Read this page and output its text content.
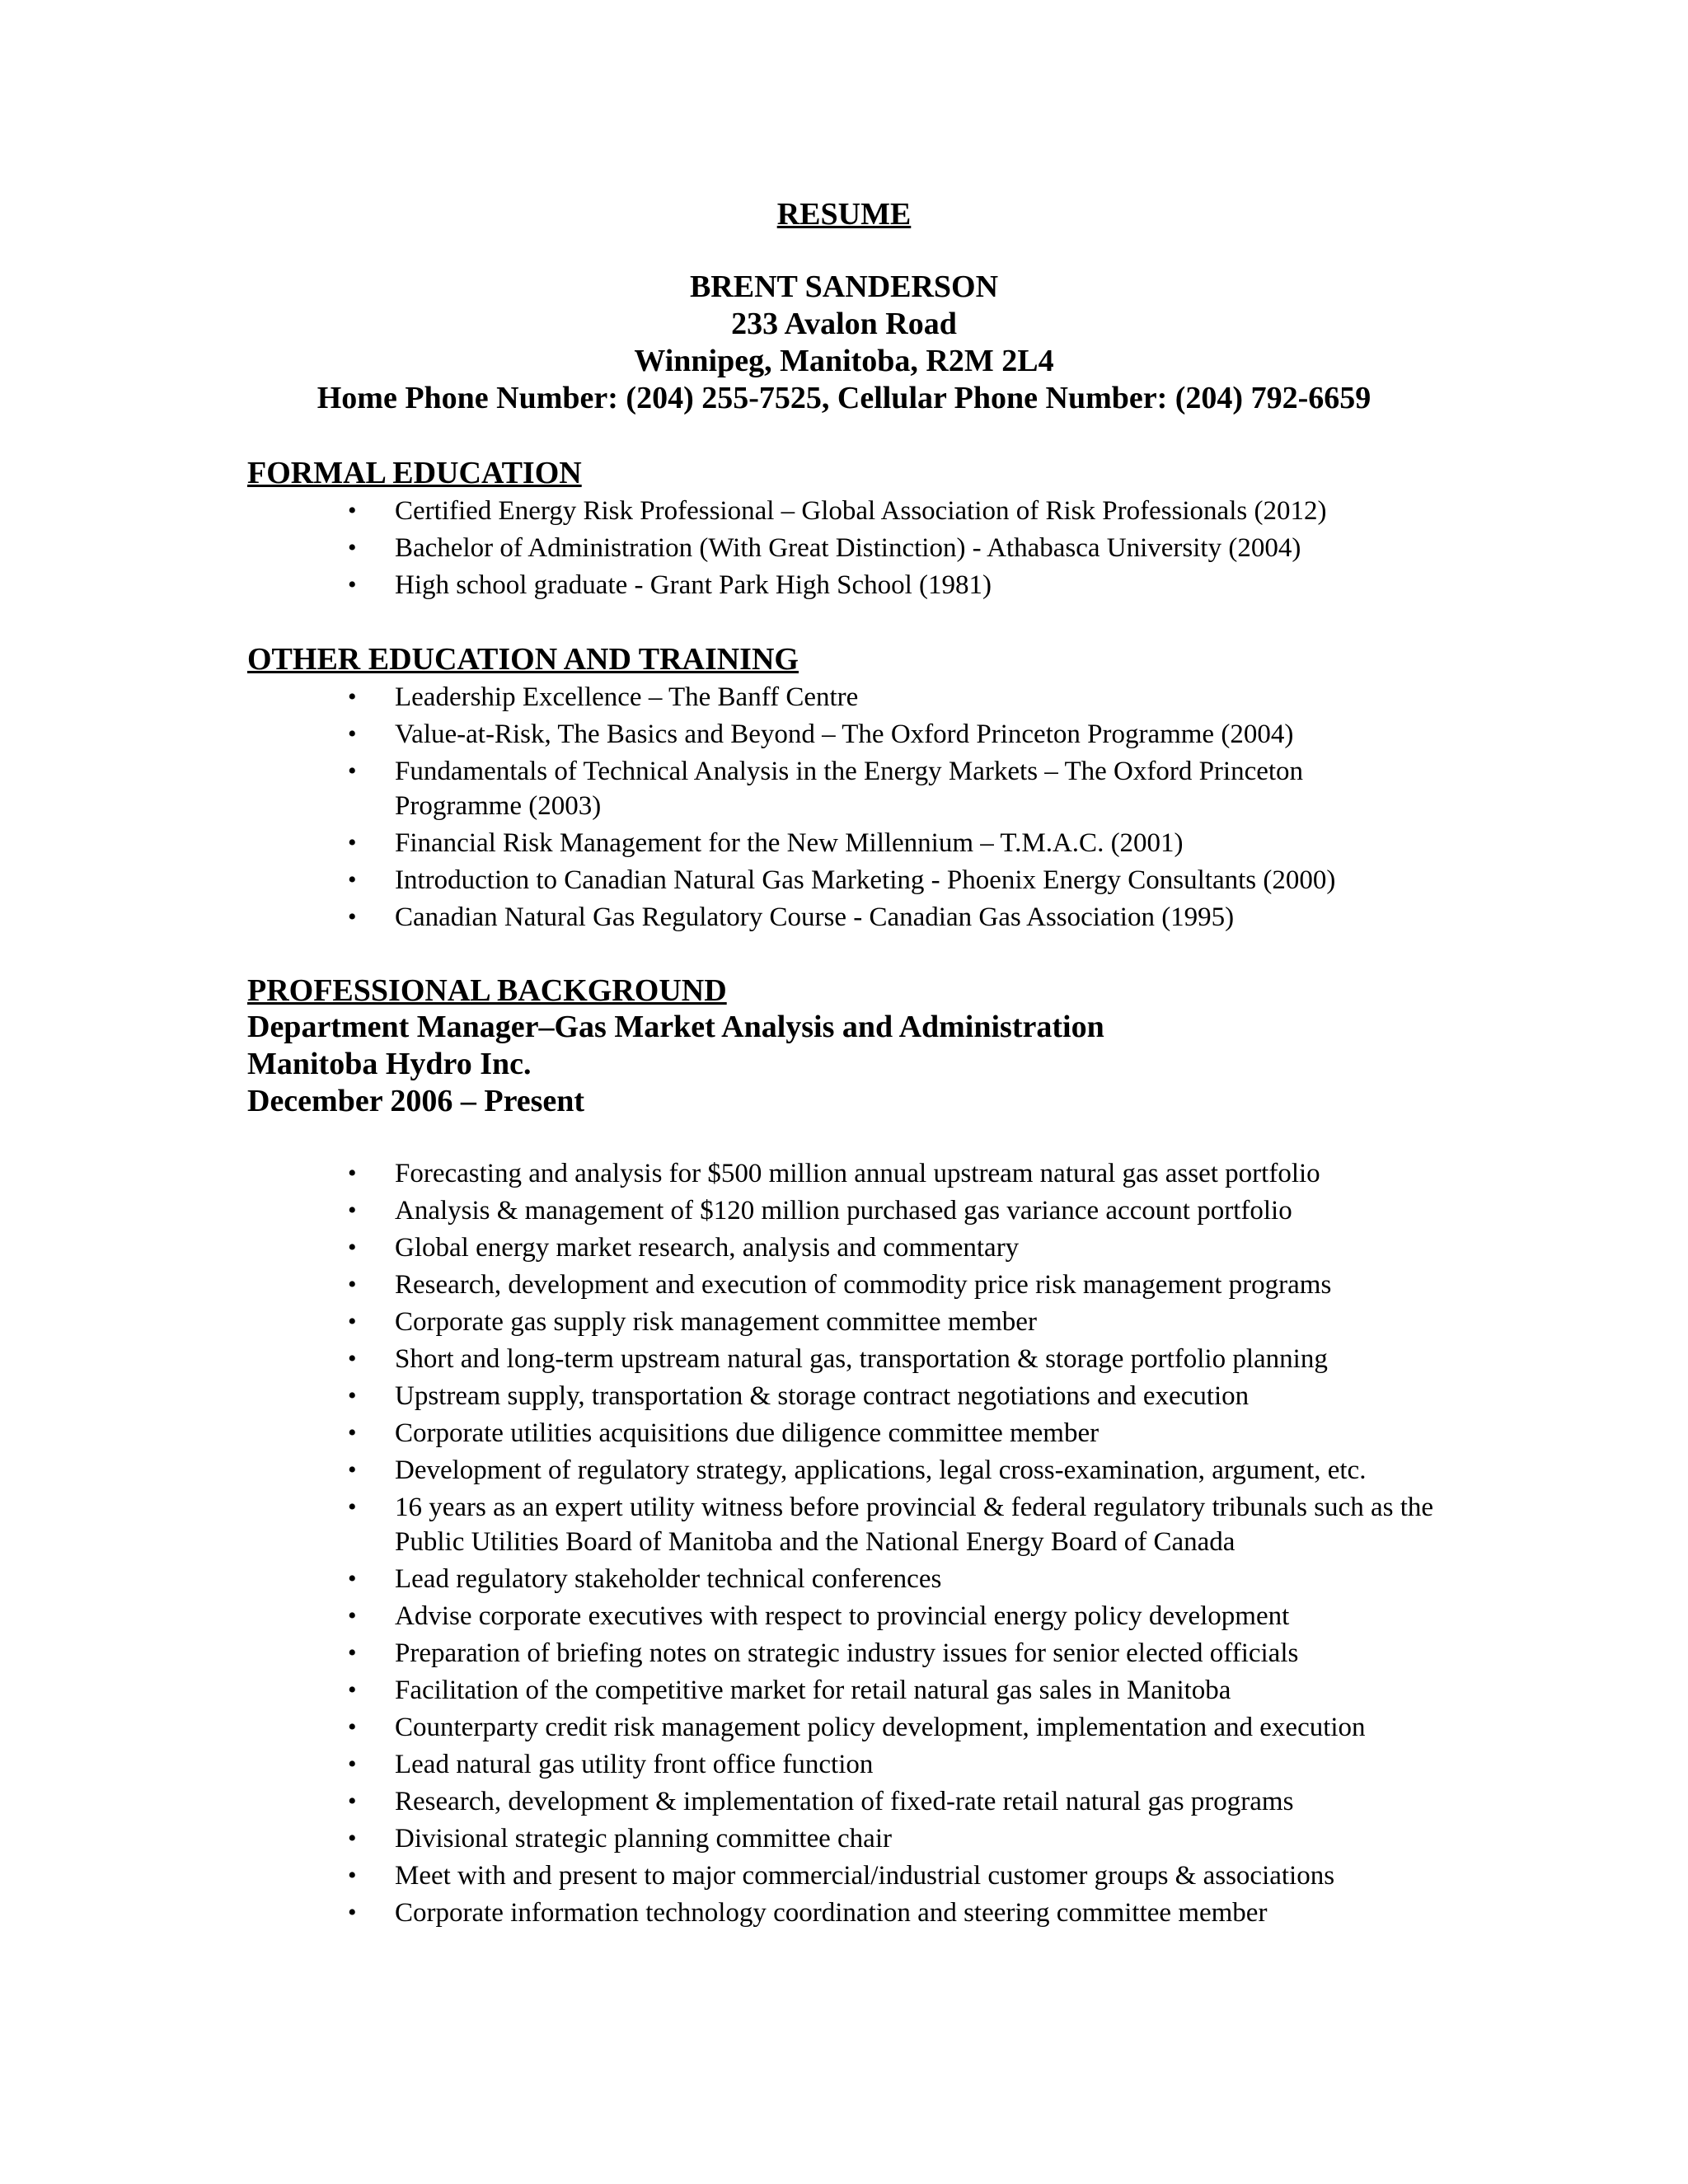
RESUME
BRENT SANDERSON
233 Avalon Road
Winnipeg, Manitoba, R2M 2L4
Home Phone Number: (204) 255-7525, Cellular Phone Number: (204) 792-6659
FORMAL EDUCATION
• Certified Energy Risk Professional – Global Association of Risk Professionals (2012)
• Bachelor of Administration (With Great Distinction) - Athabasca University (2004)
• High school graduate - Grant Park High School (1981)
OTHER EDUCATION AND TRAINING
• Leadership Excellence – The Banff Centre
• Value-at-Risk, The Basics and Beyond – The Oxford Princeton Programme (2004)
• Fundamentals of Technical Analysis in the Energy Markets – The Oxford Princeton Programme (2003)
• Financial Risk Management for the New Millennium – T.M.A.C. (2001)
• Introduction to Canadian Natural Gas Marketing - Phoenix Energy Consultants (2000)
• Canadian Natural Gas Regulatory Course - Canadian Gas Association (1995)
PROFESSIONAL BACKGROUND
Department Manager–Gas Market Analysis and Administration
Manitoba Hydro Inc.
December 2006 – Present
• Forecasting and analysis for $500 million annual upstream natural gas asset portfolio
• Analysis & management of $120 million purchased gas variance account portfolio
• Global energy market research, analysis and commentary
• Research, development and execution of commodity price risk management programs
• Corporate gas supply risk management committee member
• Short and long-term upstream natural gas, transportation & storage portfolio planning
• Upstream supply, transportation & storage contract negotiations and execution
• Corporate utilities acquisitions due diligence committee member
• Development of regulatory strategy, applications, legal cross-examination, argument, etc.
• 16 years as an expert utility witness before provincial & federal regulatory tribunals such as the Public Utilities Board of Manitoba and the National Energy Board of Canada
• Lead regulatory stakeholder technical conferences
• Advise corporate executives with respect to provincial energy policy development
• Preparation of briefing notes on strategic industry issues for senior elected officials
• Facilitation of the competitive market for retail natural gas sales in Manitoba
• Counterparty credit risk management policy development, implementation and execution
• Lead natural gas utility front office function
• Research, development & implementation of fixed-rate retail natural gas programs
• Divisional strategic planning committee chair
• Meet with and present to major commercial/industrial customer groups & associations
• Corporate information technology coordination and steering committee member
